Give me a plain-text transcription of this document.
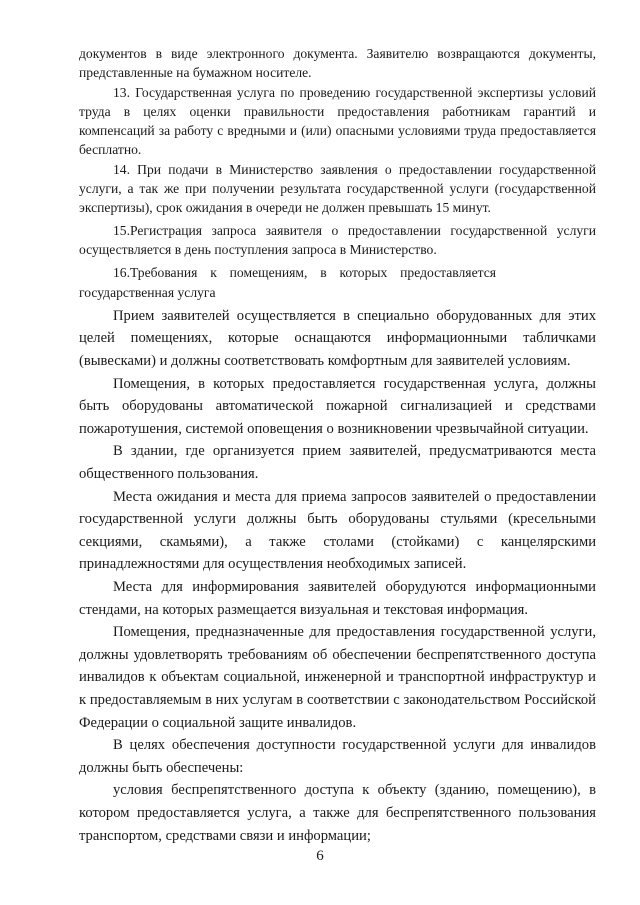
документов в виде электронного документа. Заявителю возвращаются документы, представленные на бумажном носителе.

13. Государственная услуга по проведению государственной экспертизы условий труда в целях оценки правильности предоставления работникам гарантий и компенсаций за работу с вредными и (или) опасными условиями труда предоставляется бесплатно.

14. При подачи в Министерство заявления о предоставлении государственной услуги, а так же при получении результата государственной услуги (государственной экспертизы), срок ожидания в очереди не должен превышать 15 минут.

15.Регистрация запроса заявителя о предоставлении государственной услуги осуществляется в день поступления запроса в Министерство.

16.Требования к помещениям, в которых предоставляется государственная услуга

Прием заявителей осуществляется в специально оборудованных для этих целей помещениях, которые оснащаются информационными табличками (вывесками) и должны соответствовать комфортным для заявителей условиям.

Помещения, в которых предоставляется государственная услуга, должны быть оборудованы автоматической пожарной сигнализацией и средствами пожаротушения, системой оповещения о возникновении чрезвычайной ситуации.

В здании, где организуется прием заявителей, предусматриваются места общественного пользования.

Места ожидания и места для приема запросов заявителей о предоставлении государственной услуги должны быть оборудованы стульями (кресельными секциями, скамьями), а также столами (стойками) с канцелярскими принадлежностями для осуществления необходимых записей.

Места для информирования заявителей оборудуются информационными стендами, на которых размещается визуальная и текстовая информация.

Помещения, предназначенные для предоставления государственной услуги, должны удовлетворять требованиям об обеспечении беспрепятственного доступа инвалидов к объектам социальной, инженерной и транспортной инфраструктур и к предоставляемым в них услугам в соответствии с законодательством Российской Федерации о социальной защите инвалидов.

В целях обеспечения доступности государственной услуги для инвалидов должны быть обеспечены:

условия беспрепятственного доступа к объекту (зданию, помещению), в котором предоставляется услуга, а также для беспрепятственного пользования транспортом, средствами связи и информации;

6
